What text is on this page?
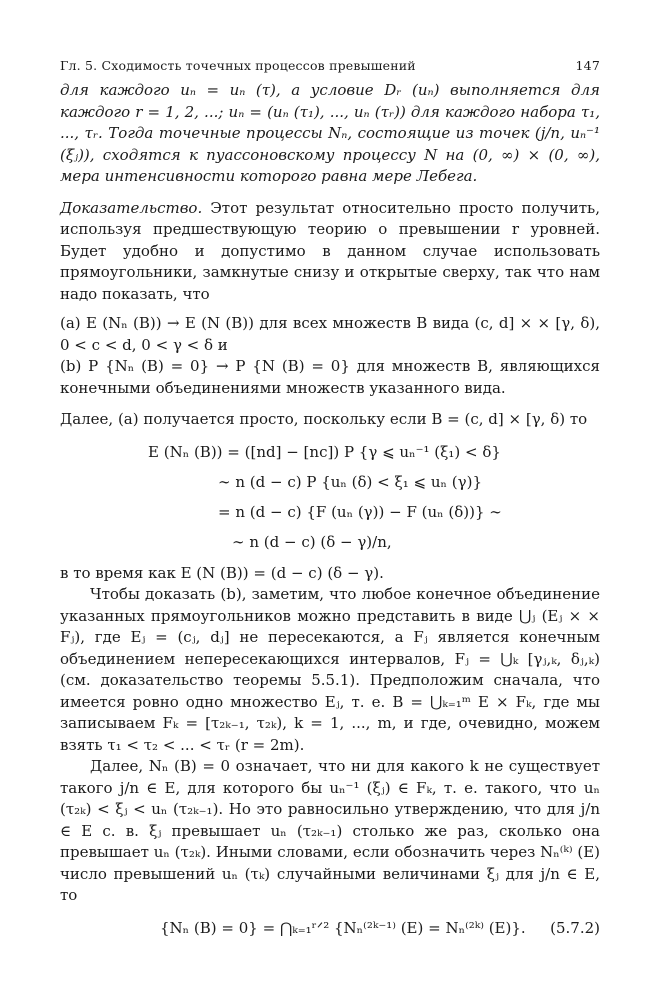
Гл. 5. Сходимость точечных процессов превышений	147

для каждого uₙ = uₙ (τ), а условие Dᵣ (uₙ) выполняется для каждого r = 1, 2, ...; uₙ = (uₙ (τ₁), ..., uₙ (τᵣ)) для каждого набора τ₁, ..., τᵣ. Тогда точечные процессы Nₙ, состоящие из точек (j/n, uₙ⁻¹ (ξⱼ)), сходятся к пуассоновскому процессу N на (0, ∞) × (0, ∞), мера интенсивности которого равна мере Лебега.

Доказательство. Этот результат относительно просто получить, используя предшествующую теорию о превышении r уровней. Будет удобно и допустимо в данном случае использовать прямоугольники, замкнутые снизу и открытые сверху, так что нам надо показать, что

(a) E (Nₙ (B)) → E (N (B)) для всех множеств B вида (c, d] × × [γ, δ), 0 < c < d, 0 < γ < δ и

(b) P {Nₙ (B) = 0} → P {N (B) = 0} для множеств B, являющихся конечными объединениями множеств указанного вида.

Далее, (a) получается просто, поскольку если B = (c, d] × [γ, δ) то

E (Nₙ (B)) = ([nd] − [nc]) P {γ ⩽ uₙ⁻¹ (ξ₁) < δ}
∼ n (d − c) P {uₙ (δ) < ξ₁ ⩽ uₙ (γ)}
= n (d − c) {F (uₙ (γ)) − F (uₙ (δ))} ∼
∼ n (d − c) (δ − γ)/n,

в то время как E (N (B)) = (d − c) (δ − γ).

Чтобы доказать (b), заметим, что любое конечное объединение указанных прямоугольников можно представить в виде ⋃ⱼ (Eⱼ × × Fⱼ), где Eⱼ = (cⱼ, dⱼ] не пересекаются, а Fⱼ является конечным объединением непересекающихся интервалов, Fⱼ = ⋃ₖ [γⱼ,ₖ, δⱼ,ₖ) (см. доказательство теоремы 5.5.1). Предположим сначала, что имеется ровно одно множество Eⱼ, т. е. B = ⋃ₖ₌₁ᵐ E × Fₖ, где мы записываем Fₖ = [τ₂ₖ₋₁, τ₂ₖ), k = 1, ..., m, и где, очевидно, можем взять τ₁ < τ₂ < ... < τᵣ (r = 2m).

Далее, Nₙ (B) = 0 означает, что ни для какого k не существует такого j/n ∈ E, для которого бы uₙ⁻¹ (ξⱼ) ∈ Fₖ, т. е. такого, что uₙ (τ₂ₖ) < ξⱼ < uₙ (τ₂ₖ₋₁). Но это равносильно утверждению, что для j/n ∈ E с. в. ξⱼ превышает uₙ (τ₂ₖ₋₁) столько же раз, сколько она превышает uₙ (τ₂ₖ). Иными словами, если обозначить через Nₙ⁽ᵏ⁾ (E) число превышений uₙ (τₖ) случайными величинами ξⱼ для j/n ∈ E, то

{Nₙ (B) = 0} = ⋂ₖ₌₁ʳᐟ² {Nₙ⁽²ᵏ⁻¹⁾ (E) = Nₙ⁽²ᵏ⁾ (E)}. (5.7.2)
